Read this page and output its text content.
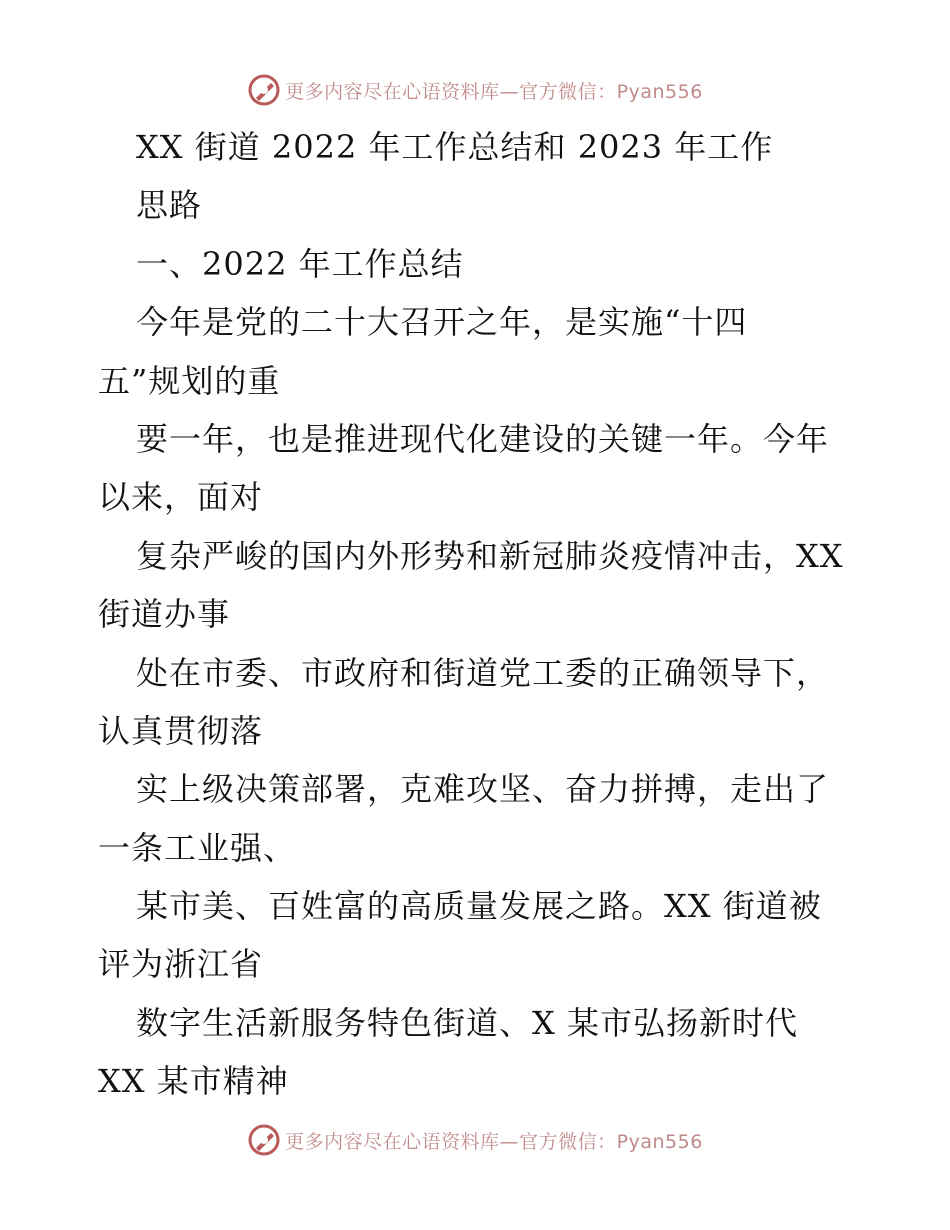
更多内容尽在心语资料库—官方微信：Pyan556
XX 街道 2022 年工作总结和 2023 年工作
思路
一、2022 年工作总结
今年是党的二十大召开之年，是实施“十四
五”规划的重
要一年，也是推进现代化建设的关键一年。今年
以来，面对
复杂严峻的国内外形势和新冠肺炎疫情冲击，XX
街道办事
处在市委、市政府和街道党工委的正确领导下，
认真贯彻落
实上级决策部署，克难攻坚、奋力拼搏，走出了
一条工业强、
某市美、百姓富的高质量发展之路。XX 街道被
评为浙江省
数字生活新服务特色街道、X 某市弘扬新时代
XX 某市精神
更多内容尽在心语资料库—官方微信：Pyan556
